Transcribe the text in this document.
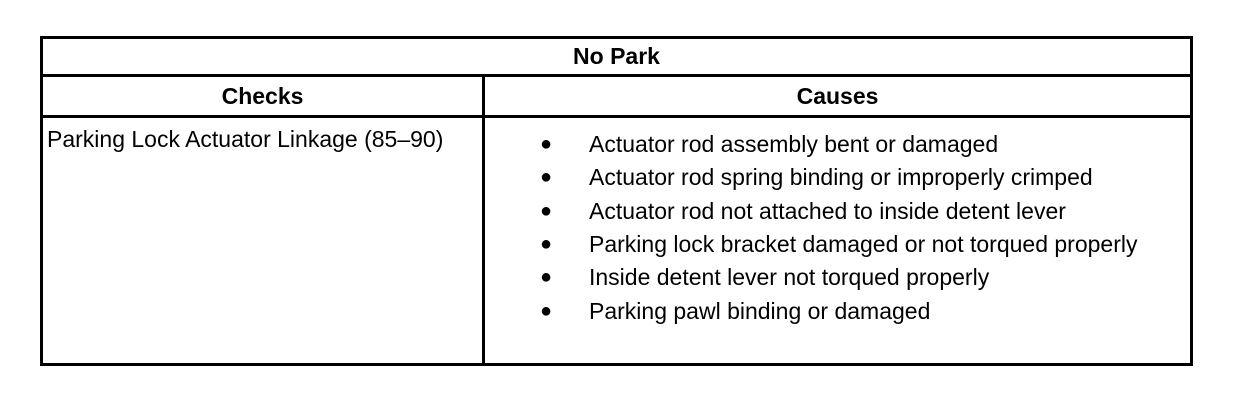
No Park
Checks	Causes
Parking Lock Actuator Linkage (85–90)	●	Actuator rod assembly bent or damaged
●	Actuator rod spring binding or improperly crimped
●	Actuator rod not attached to inside detent lever
●	Parking lock bracket damaged or not torqued properly
●	Inside detent lever not torqued properly
●	Parking pawl binding or damaged
